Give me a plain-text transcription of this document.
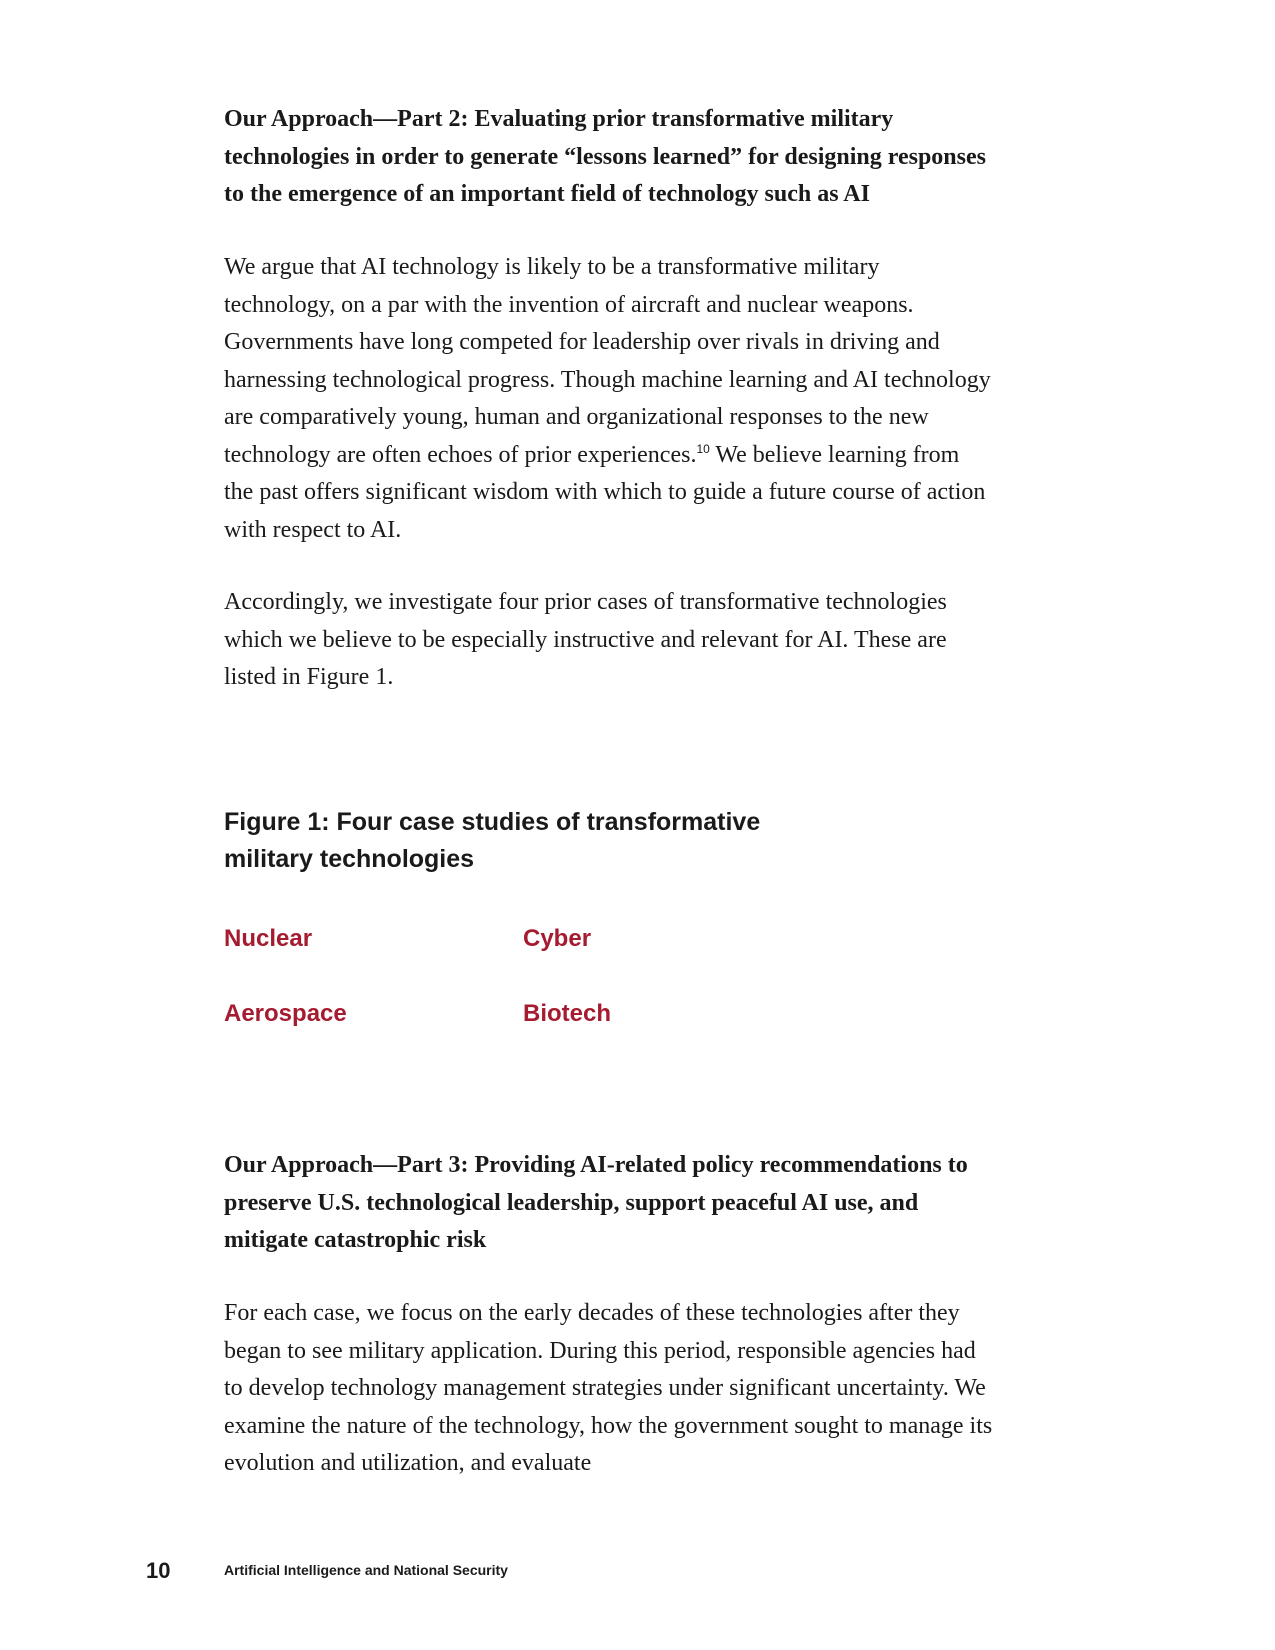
Our Approach—Part 2: Evaluating prior transformative military technologies in order to generate “lessons learned” for designing responses to the emergence of an important field of technology such as AI

We argue that AI technology is likely to be a transformative military technology, on a par with the invention of aircraft and nuclear weapons. Governments have long competed for leadership over rivals in driving and harnessing technological progress. Though machine learning and AI technology are comparatively young, human and organizational responses to the new technology are often echoes of prior experiences.$^{10}$ We believe learning from the past offers significant wisdom with which to guide a future course of action with respect to AI.

Accordingly, we investigate four prior cases of transformative technologies which we believe to be especially instructive and relevant for AI. These are listed in Figure 1.

Figure 1: Four case studies of transformative military technologies
Nuclear	Cyber
Aerospace	Biotech
Our Approach—Part 3: Providing AI-related policy recommendations to preserve U.S. technological leadership, support peaceful AI use, and mitigate catastrophic risk

For each case, we focus on the early decades of these technologies after they began to see military application. During this period, responsible agencies had to develop technology management strategies under significant uncertainty. We examine the nature of the technology, how the government sought to manage its evolution and utilization, and evaluate

10	Artificial Intelligence and National Security
